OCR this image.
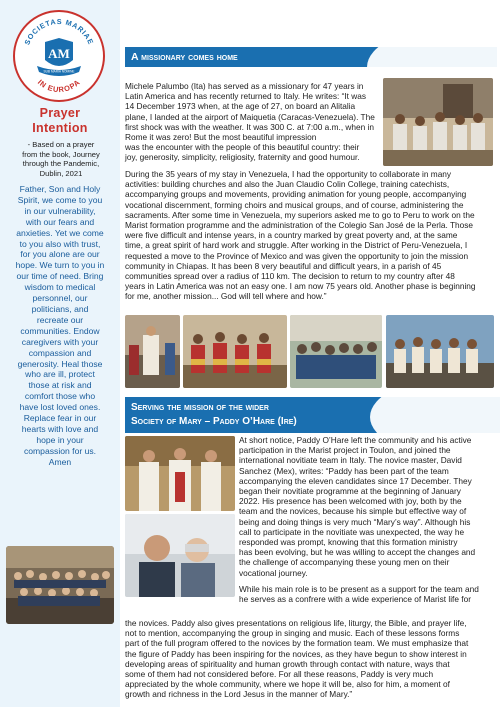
SOCIETAS MARIAE
AM
SUB MARIA NOMINE
IN EUROPA
Prayer
Intention
- Based on a prayer
from the book, Journey
through the Pandemic,
Dublin, 2021
Father, Son and Holy
Spirit, we come to you
in our vulnerability,
with our fears and
anxieties. Yet we come
to you also with trust,
for you alone are our
hope. We turn to you in
our time of need. Bring
wisdom to medical
personnel, our
politicians, and
recreate our
communities. Endow
caregivers with your
compassion and
generosity. Heal those
who are ill, protect
those at risk and
comfort those who
have lost loved ones.
Replace fear in our
hearts with love and
hope in your
compassion for us.
Amen
A missionary comes home
Michele Palumbo (Ita) has served as a missionary for 47 years in
Latin America and has recently returned to Italy. He writes: “It was
14 December 1973 when, at the age of 27, on board an Alitalia
plane, I landed at the airport of Maiquetia (Caracas-Venezuela). The
first shock was with the weather. It was 300 C. at 7:00 a.m., when in
Rome it was zero! But the most beautiful impression
was the encounter with the people of this beautiful country: their
joy, generosity, simplicity, religiosity, fraternity and good humour.
During the 35 years of my stay in Venezuela, I had the opportunity to collaborate in many
activities: building churches and also the Juan Claudio Colin College, training catechists,
accompanying groups and movements, providing animation for young people, accompanying
vocational discernment, forming choirs and musical groups, and of course, administering the
sacraments. After some time in Venezuela, my superiors asked me to go to Peru to work on the
Marist formation programme and the administration of the Colegio San José de la Perla. Those
were five difficult and intense years, in a country marked by great poverty and, at the same
time, a great spirit of hard work and struggle. After working in the District of Peru-Venezuela, I
requested a move to the Province of Mexico and was given the opportunity to join the mission
community in Chiapas. It has been 8 very beautiful and difficult years, in a parish of 45
communities spread over a radius of 110 km. The decision to return to my country after 48
years in Latin America was not an easy one. I am now 75 years old. Another phase is beginning
for me, another mission... God will tell where and how.”
Serving the mission of the wider
Society of Mary – Paddy O’Hare (Ire)
At short notice, Paddy O’Hare left the community and his active
participation in the Marist project in Toulon, and joined the
international novitiate team in Italy. The novice master, David
Sanchez (Mex), writes: “Paddy has been part of the team
accompanying the eleven candidates since 17 December. They
began their novitiate programme at the beginning of January
2022. His presence has been welcomed with joy, both by the
team and the novices, because his simple but effective way of
being and doing things is very much “Mary’s way”. Although his
call to participate in the novitiate was unexpected, the way he
responded was prompt, knowing that this formation ministry
has been evolving, but he was willing to accept the changes and
the challenge of accompanying these young men on their
vocational journey.
While his main role is to be present as a support for the team and
he serves as a confrere with a wide experience of Marist life for
the novices. Paddy also gives presentations on religious life, liturgy, the Bible, and prayer life,
not to mention, accompanying the group in singing and music. Each of these lessons forms
part of the full program offered to the novices by the formation team. We must emphasize that
the figure of Paddy has been inspiring for the novices, as they have begun to show interest in
developing areas of spirituality and human growth through contact with nature, ways that
some of them had not considered before. For all these reasons, Paddy is very much
appreciated by the whole community, where we hope it will be, also for him, a moment of
growth and richness in the Lord Jesus in the manner of Mary.”
